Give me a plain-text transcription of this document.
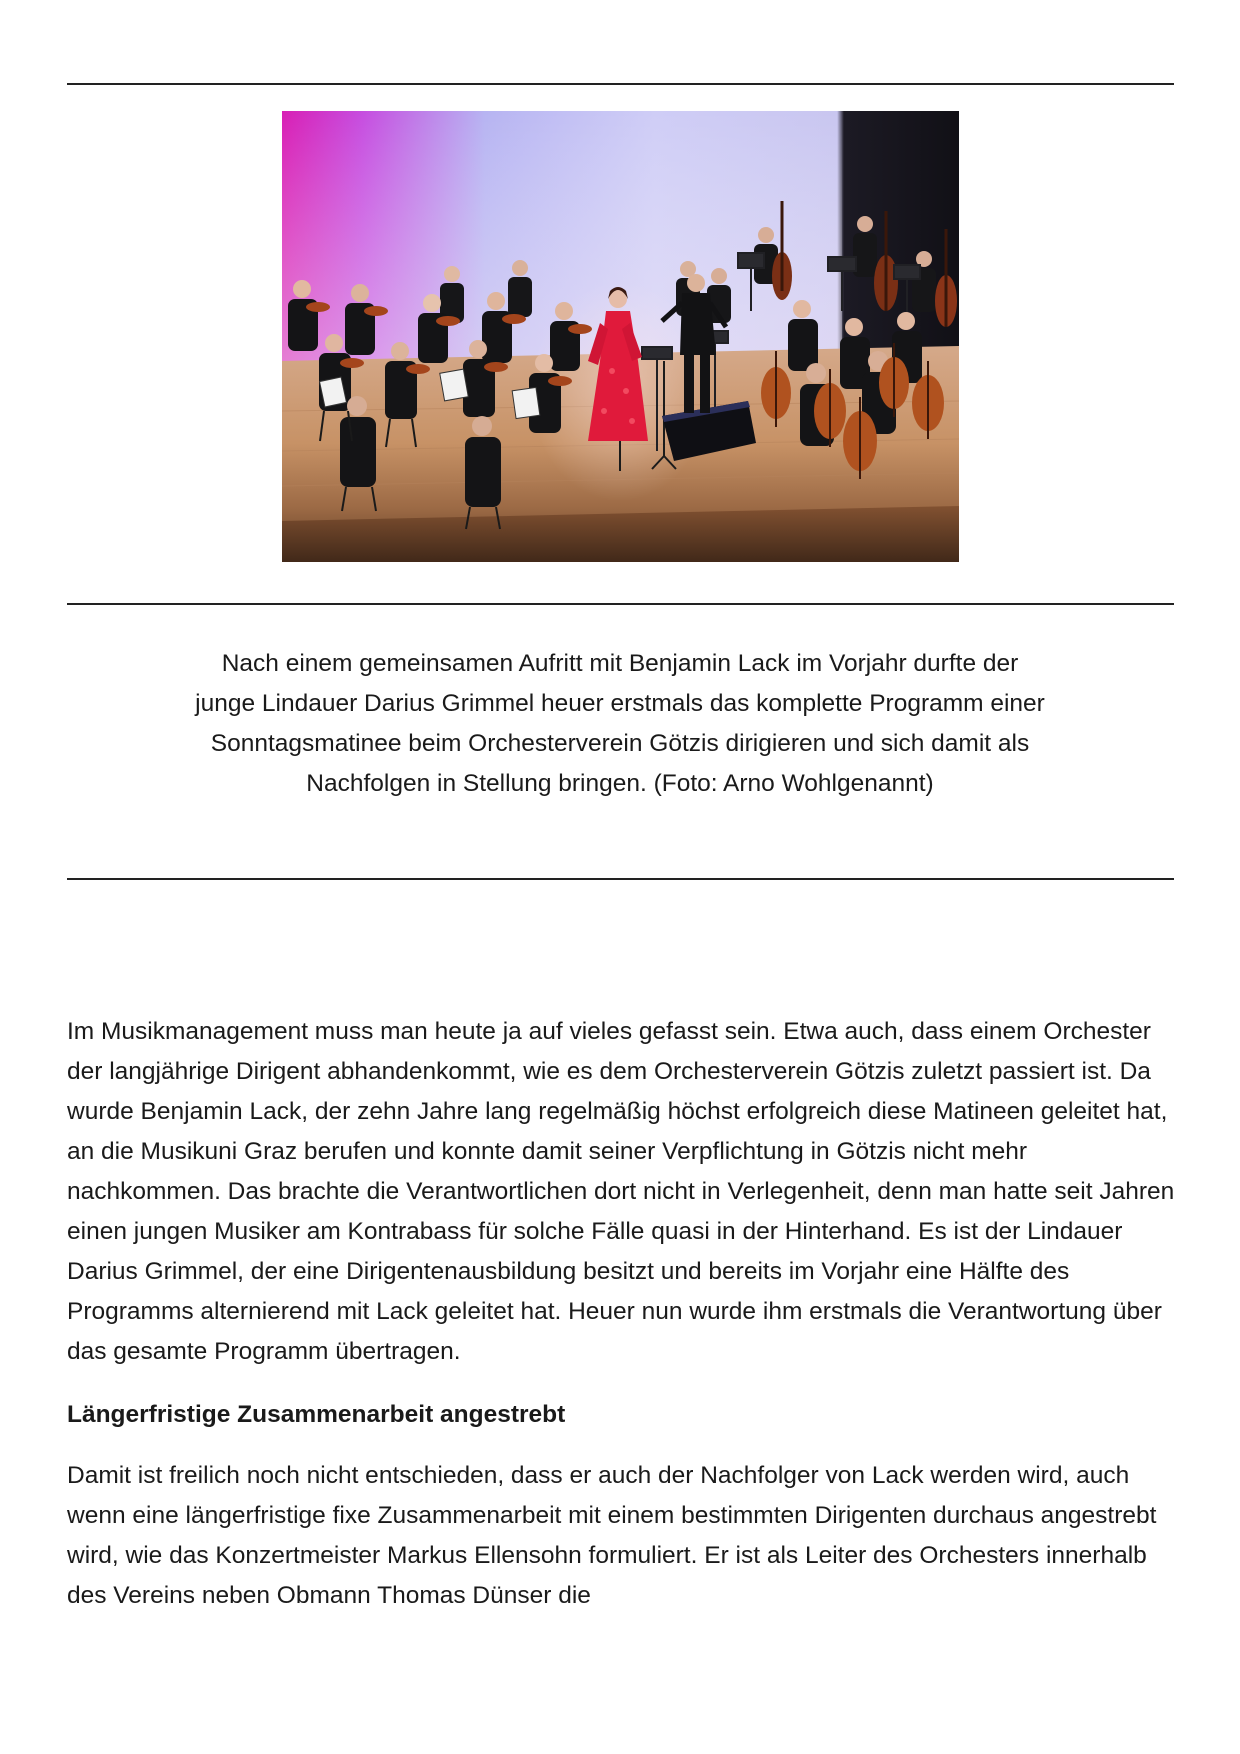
Nach einem gemeinsamen Aufritt mit Benjamin Lack im Vorjahr durfte der junge Lindauer Darius Grimmel heuer erstmals das komplette Programm einer Sonntagsmatinee beim Orchesterverein Götzis dirigieren und sich damit als Nachfolgen in Stellung bringen. (Foto: Arno Wohlgenannt)

Im Musikmanagement muss man heute ja auf vieles gefasst sein. Etwa auch, dass einem Orchester der langjährige Dirigent abhandenkommt, wie es dem Orchesterverein Götzis zuletzt passiert ist. Da wurde Benjamin Lack, der zehn Jahre lang regelmäßig höchst erfolgreich diese Matineen geleitet hat, an die Musikuni Graz berufen und konnte damit seiner Verpflichtung in Götzis nicht mehr nachkommen. Das brachte die Verantwortlichen dort nicht in Verlegenheit, denn man hatte seit Jahren einen jungen Musiker am Kontrabass für solche Fälle quasi in der Hinterhand. Es ist der Lindauer Darius Grimmel, der eine Dirigentenausbildung besitzt und bereits im Vorjahr eine Hälfte des Programms alternierend mit Lack geleitet hat. Heuer nun wurde ihm erstmals die Verantwortung über das gesamte Programm übertragen.

Längerfristige Zusammenarbeit angestrebt

Damit ist freilich noch nicht entschieden, dass er auch der Nachfolger von Lack werden wird, auch wenn eine längerfristige fixe Zusammenarbeit mit einem bestimmten Dirigenten durchaus angestrebt wird, wie das Konzertmeister Markus Ellensohn formuliert. Er ist als Leiter des Orchesters innerhalb des Vereins neben Obmann Thomas Dünser die
